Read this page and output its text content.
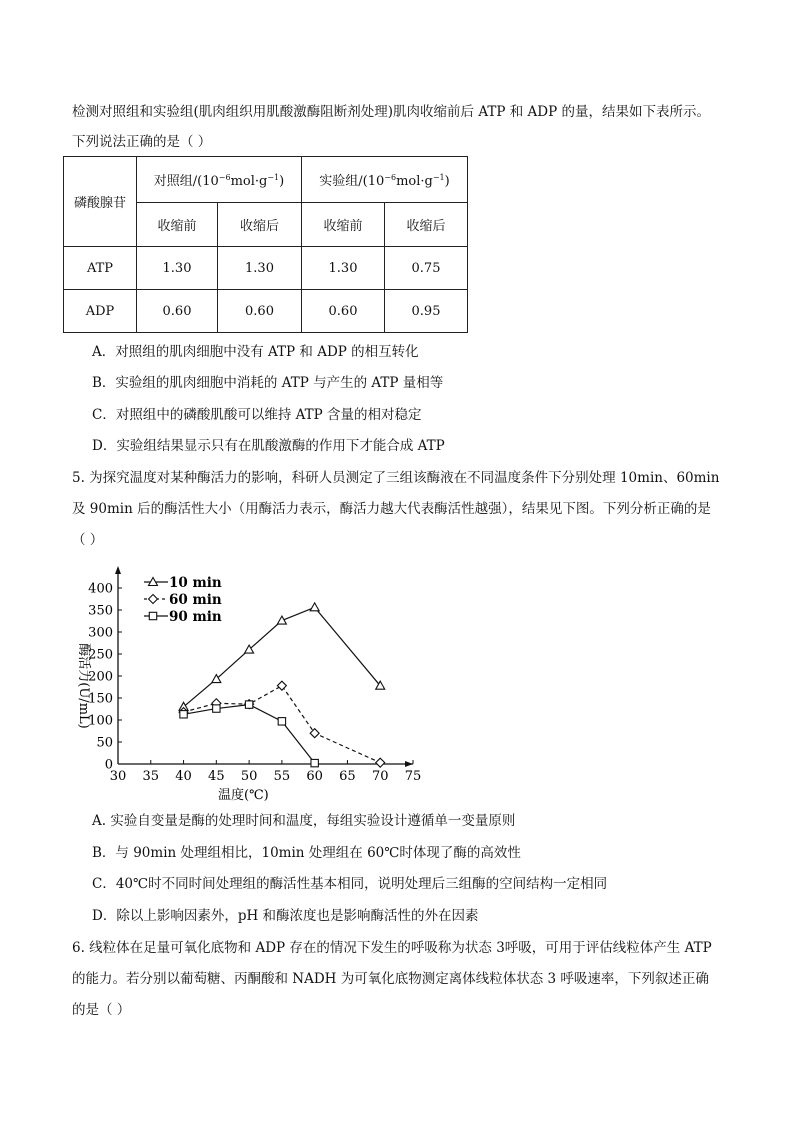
检测对照组和实验组(肌肉组织用肌酸激酶阻断剂处理)肌肉收缩前后 ATP 和 ADP 的量，结果如下表所示。
下列说法正确的是（ ）
磷酸腺苷	对照组$/(10^{-6}mol\cdot g^{-1})$		实验组$/(10^{-6}mol\cdot g^{-1})$	
	收缩前	收缩后	收缩前	收缩后
ATP	1.30	1.30	1.30	0.75
ADP	0.60	0.60	0.60	0.95
A．对照组的肌肉细胞中没有 ATP 和 ADP 的相互转化
B．实验组的肌肉细胞中消耗的 ATP 与产生的 ATP 量相等
C．对照组中的磷酸肌酸可以维持 ATP 含量的相对稳定
D．实验组结果显示只有在肌酸激酶的作用下才能合成 ATP
5. 为探究温度对某种酶活力的影响，科研人员测定了三组该酶液在不同温度条件下分别处理 10min、60min
及 90min 后的酶活性大小（用酶活力表示，酶活力越大代表酶活性越强），结果见下图。下列分析正确的是
（ ）
30 35 40 45 50 55 60 65 70 75
0
50
100
150
200
250
300
350
400	10 min
60 min
90 min
温度(℃)
酶活力(U/mL)
A. 实验自变量是酶的处理时间和温度，每组实验设计遵循单一变量原则
B．与 90min 处理组相比，10min 处理组在 60℃时体现了酶的高效性
C．40℃时不同时间处理组的酶活性基本相同，说明处理后三组酶的空间结构一定相同
D．除以上影响因素外，pH 和酶浓度也是影响酶活性的外在因素
6. 线粒体在足量可氧化底物和 ADP 存在的情况下发生的呼吸称为状态 3呼吸，可用于评估线粒体产生 ATP
的能力。若分别以葡萄糖、丙酮酸和 NADH 为可氧化底物测定离体线粒体状态 3 呼吸速率，下列叙述正确
的是（ ）
